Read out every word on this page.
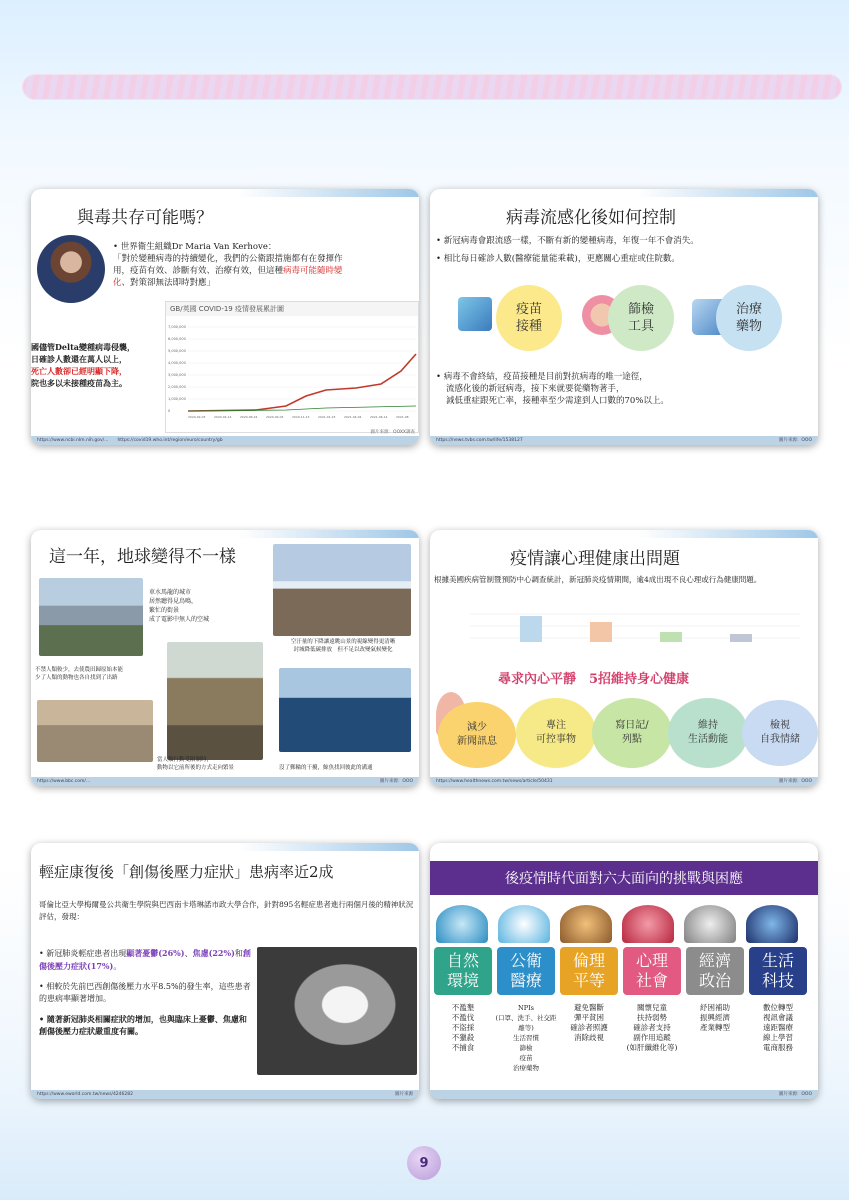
與毒共存可能嗎？
• 世界衛生組織Dr Maria Van Kerhove：
「對於變種病毒的持續變化，我們的公衛跟措施都有在發揮作
用，疫苗有效、診斷有效、治療有效，但這種病毒可能隨時變
化、對策卻無法即時對應」
國儘管Delta變種病毒侵襲，
日確診人數還在萬人以上，
死亡人數卻已經明顯下降，
院也多以未接種疫苗為主。
GB/英國 COVID-19 疫情發展累計圖
7,000,000
6,000,000
5,000,000
4,000,000
3,000,000
2,000,000
1,000,000
0
2020-02-03	2020-04-14	2020-06-24	2020-09-03	2020-11-13	2021-01-23	2021-04-04	2021-06-14	2021-08
圖片來源：OOXX調查
https://www.ncbi.nlm.nih.gov/...　　 https://covid19.who.int/region/euro/country/gb
病毒流感化後如何控制
• 新冠病毒會跟流感一樣，不斷有新的變種病毒，年復一年不會消失。
• 相比每日確診人數(醫療能量能乘載)，更應關心重症或住院數。
疫苗
接種
篩檢
工具
治療
藥物
• 病毒不會終結，疫苗接種是目前對抗病毒的唯一途徑，
流感化後的新冠病毒，接下來就要從藥物著手，
減低重症跟死亡率，接種率至少需達到人口數的70%以上。
https://news.tvbs.com.tw/life/1538127	圖片來源：OOO
這一年，地球變得不一樣
車水馬龍的城市
居然聽得見鳥鳴，
繁忙的街景
成了電影中無人的空城
空汙量的下降讓遠眺山景的視線變得更清晰
封城降低碳排放　但不足以改變氣候變化
不禁人類較少，去使農田歸原始本能
少了人類的動物也各自找到了出路
當人類行動受限制時，
動物以它前所後的方式走向繁景	沒了郵輪的干擾，鯨魚找回彼此的溝通
https://www.bbc.com/...	圖片來源：OOO
疫情讓心理健康出問題
根據美國疾病管制暨預防中心調查統計，新冠肺炎疫情期間，逾4成出現不良心理或行為健康問題。
尋求內心平靜　5招維持身心健康
減少
新聞訊息
專注
可控事物
寫日記/
列點
維持
生活動能
檢視
自我情緒
https://www.healthnews.com.tw/news/article/50431	圖片來源：OOO
輕症康復後「創傷後壓力症狀」患病率近2成
哥倫比亞大學梅爾曼公共衛生學院與巴西南卡塔琳諾市政大學合作，針對895名輕症患者進行兩個月後的精神狀況評估，發現：
• 新冠肺炎輕症患者出現顯著憂鬱(26%)、焦慮(22%)和創傷後壓力症狀(17%)。
• 相較於先前巴西創傷後壓力水平8.5%的發生率，這些患者的患病率顯著增加。
• 隨著新冠肺炎相關症狀的增加，也與臨床上憂鬱、焦慮和創傷後壓力症狀嚴重度有關。
https://www.eworld.com.tw/news/4246282	圖片來源
後疫情時代面對六大面向的挑戰與困應
自然
環境
不濫墾
不濫伐
不盜採
不獵殺
不捕食
公衛
醫療
NPIs
(口罩、洗手、社交距離等)
生活習慣
篩檢
疫苗
治療藥物
倫理
平等
避免醫斷
彈平貧困
確診者照護
消除歧視
心理
社會
關懷兒童
扶持弱勢
確診者支持
副作用追蹤
(如肝纖維化等)
經濟
政治
紓困補助
振興經濟
產業轉型
生活
科技
數位轉型
視訊會議
遠距醫療
線上學習
電商服務
圖片來源：OOO
9
